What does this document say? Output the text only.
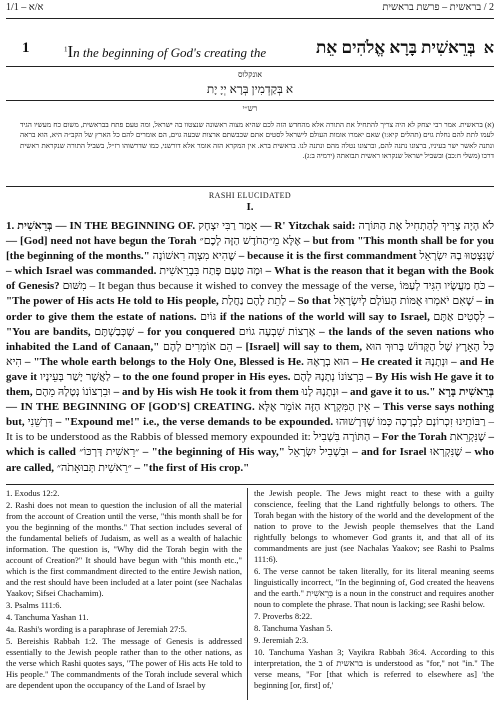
2 / בראשית – פרשת בראשית
א/א – 1/1
1	$^1$In the beginning of God's creating the	א בְּרֵאשִׁית בָּרָא אֱלֹהִים אֵת
אונקלוס
א בְּקַדְמִין בְּרָא יְיָ יָת
רש״י
(א) בראשית. אמר רבי יצחק לא היה צריך להתחיל את התורה אלא מהחדש הזה לכם שהיא מצוה ראשונה שנצטוו בה ישראל, ומה טעם פתח בבראשית, משום כח מעשיו הגיד לעמו לתת להם נחלת גוים (תהלים קיא:ו) שאם יאמרו אומות העולם לישראל לסטים אתם שכבשתם ארצות שבעה גוים, הם אומרים להם כל הארץ של הקב״ה היא, הוא בראה ונתנה לאשר ישר בעיניו, ברצונו נתנה להם, וברצונו נטלה מהם ונתנה לנו. בראשית ברא. אין המקרא הזה אומר אלא דורשני, כמו שדרשוהו רז״ל, בשביל התורה שנקראת ראשית דרכו (משלי ח:כב) ובשביל ישראל שנקראו ראשית תבואתה (ירמיה ב:ג).
RASHI ELUCIDATED
I.
1. בְּרֵאשִׁית — IN THE BEGINNING OF. אָמַר רַבִּי יִצְחָק — R' Yitzchak said: לֹא הָיָה צָרִיךְ לְהַתְחִיל אֶת הַתּוֹרָה — [God] need not have begun the Torah אֶלָּא מֵ״הַחֹדֶשׁ הַזֶּה לָכֶם״ – but from "This month shall be for you [the beginning of the months." שֶׁהִיא מִצְוָה רִאשׁוֹנָה – because it is the first commandment שֶׁנִּצְטַוּוּ בָהּ יִשְׂרָאֵל – which Israel was commanded. וּמָה טַעַם פָּתַח בִּבְרֵאשִׁית – What is the reason that it began with the Book of Genesis? מִשּׁוּם – It began thus because it wished to convey the message of the verse, כֹּחַ מַעֲשָׂיו הִגִּיד לְעַמּוֹ – "The power of His acts He told to His people, לָתֵת לָהֶם נַחֲלַת – So that שֶׁאִם יֹאמְרוּ אֻמּוֹת הָעוֹלָם לְיִשְׂרָאֵל – in order to give them the estate of nations. גּוֹיִם if the nations of the world will say to Israel, לִסְטִים אַתֶּם – "You are bandits, שֶׁכְּבַשְׁתֶּם – for you conquered אַרְצוֹת שִׁבְעָה גוֹיִם – the lands of the seven nations who inhabited the Land of Canaan," הֵם אוֹמְרִים לָהֶם – [Israel] will say to them, כָּל הָאָרֶץ שֶׁל הַקָּדוֹשׁ בָּרוּךְ הוּא הִיא – "The whole earth belongs to the Holy One, Blessed is He. הוּא בְרָאָהּ – He created it וּנְתָנָהּ – and He gave it לַאֲשֶׁר יָשַׁר בְּעֵינָיו – to the one found proper in His eyes. בִּרְצוֹנוֹ נְתָנָהּ לָהֶם – By His wish He gave it to them, וּבִרְצוֹנוֹ נְטָלָהּ מֵהֶם – and by His wish He took it from them וּנְתָנָהּ לָנוּ – and gave it to us." בְּרֵאשִׁית בָּרָא — IN THE BEGINNING OF [GOD'S] CREATING. אֵין הַמִּקְרָא הַזֶּה אוֹמֵר אֶלָּא – This verse says nothing but, דָּרְשֵׁנִי – "Expound me!" i.e., the verse demands to be expounded. כְּמוֹ שֶׁדְּרָשׁוּהוּ רַבּוֹתֵינוּ זִכְרוֹנָם לִבְרָכָה – It is to be understood as the Rabbis of blessed memory expounded it: בִּשְׁבִיל הַתּוֹרָה – For the Torah שֶׁנִּקְרֵאת – which is called ״רֵאשִׁית דַּרְכּוֹ״ – "the beginning of His way," וּבִשְׁבִיל יִשְׂרָאֵל – and for Israel שֶׁנִּקְרְאוּ – who are called, ״רֵאשִׁית תְּבוּאָתֹה״ – "the first of His crop."

1. Exodus 12:2.

2. Rashi does not mean to question the inclusion of all the material from the account of Creation until the verse, "this month shall be for you the beginning of the months." That section includes several of the fundamental beliefs of Judaism, as well as a wealth of halachic information. The question is, "Why did the Torah begin with the account of Creation?" It should have begun with "this month etc.," which is the first commandment directed to the entire Jewish nation, and the rest should have been included at a later point (see Nachalas Yaakov; Sifsei Chachamim).

3. Psalms 111:6.

4. Tanchuma Yashan 11.

4a. Rashi's wording is a paraphrase of Jeremiah 27:5.

5. Bereishis Rabbah 1:2. The message of Genesis is addressed essentially to the Jewish people rather than to the other nations, as the verse which Rashi quotes says, "The power of His acts He told to His people." The commandments of the Torah include several which are dependent upon the occupancy of the Land of Israel by

the Jewish people. The Jews might react to these with a guilty conscience, feeling that the Land rightfully belongs to others. The Torah began with the history of the world and the development of the nation to prove to the Jewish people themselves that the Land rightfully belongs to whomever God grants it, and that all of its commandments are just (see Nachalas Yaakov; see Rashi to Psalms 111:6).

6. The verse cannot be taken literally, for its literal meaning seems linguistically incorrect, "In the beginning of, God created the heavens and the earth." בְּרֵאשִׁית is a noun in the construct and requires another noun to complete the phrase. That noun is lacking; see Rashi below.

7. Proverbs 8:22.

8. Tanchuma Yashan 5.

9. Jeremiah 2:3.

10. Tanchuma Yashan 3; Vayikra Rabbah 36:4. According to this interpretation, the ב of בראשית is understood as "for," not "in." The verse means, "For [that which is referred to elsewhere as] 'the beginning [or, first] of,'
